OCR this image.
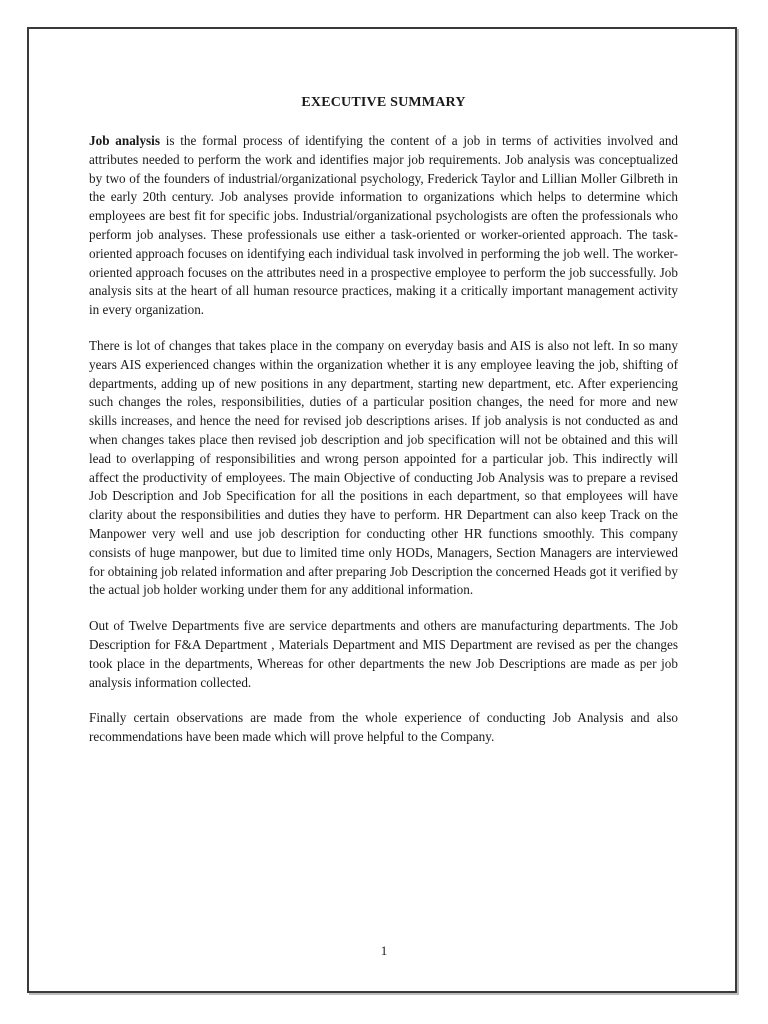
EXECUTIVE SUMMARY

Job analysis is the formal process of identifying the content of a job in terms of activities involved and attributes needed to perform the work and identifies major job requirements. Job analysis was conceptualized by two of the founders of industrial/organizational psychology, Frederick Taylor and Lillian Moller Gilbreth in the early 20th century. Job analyses provide information to organizations which helps to determine which employees are best fit for specific jobs. Industrial/organizational psychologists are often the professionals who perform job analyses. These professionals use either a task-oriented or worker-oriented approach. The task-oriented approach focuses on identifying each individual task involved in performing the job well. The worker-oriented approach focuses on the attributes need in a prospective employee to perform the job successfully. Job analysis sits at the heart of all human resource practices, making it a critically important management activity in every organization.

There is lot of changes that takes place in the company on everyday basis and AIS is also not left. In so many years AIS experienced changes within the organization whether it is any employee leaving the job, shifting of departments, adding up of new positions in any department, starting new department, etc. After experiencing such changes the roles, responsibilities, duties of a particular position changes, the need for more and new skills increases, and hence the need for revised job descriptions arises. If job analysis is not conducted as and when changes takes place then revised job description and job specification will not be obtained and this will lead to overlapping of responsibilities and wrong person appointed for a particular job. This indirectly will affect the productivity of employees. The main Objective of conducting Job Analysis was to prepare a revised Job Description and Job Specification for all the positions in each department, so that employees will have clarity about the responsibilities and duties they have to perform. HR Department can also keep Track on the Manpower very well and use job description for conducting other HR functions smoothly. This company consists of huge manpower, but due to limited time only HODs, Managers, Section Managers are interviewed for obtaining job related information and after preparing Job Description the concerned Heads got it verified by the actual job holder working under them for any additional information.

Out of Twelve Departments five are service departments and others are manufacturing departments. The Job Description for F&A Department , Materials Department and MIS Department are revised as per the changes took place in the departments, Whereas for other departments the new Job Descriptions are made as per job analysis information collected.

Finally certain observations are made from the whole experience of conducting Job Analysis and also recommendations have been made which will prove helpful to the Company.

1
